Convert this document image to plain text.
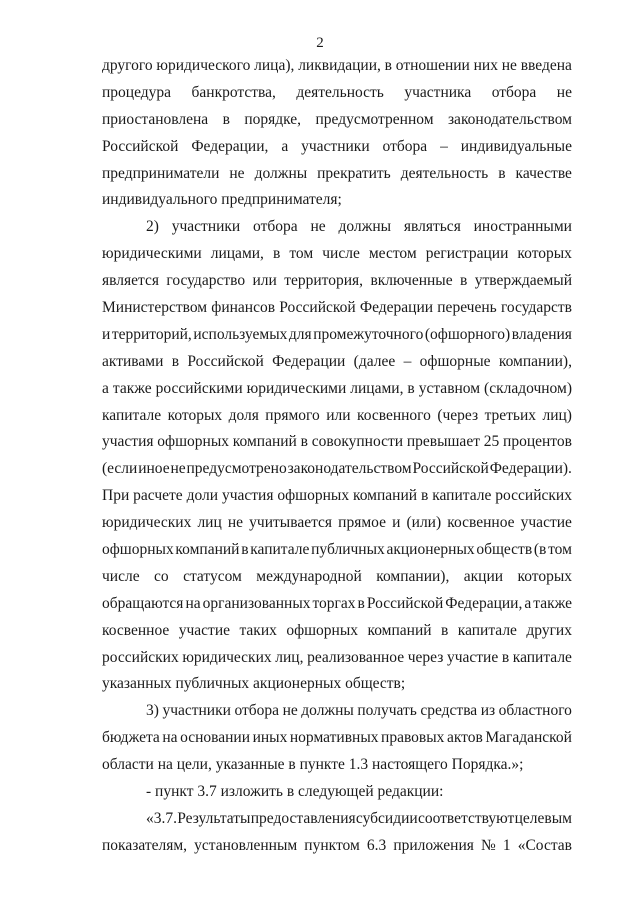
2
другого юридического лица), ликвидации, в отношении них не введена
процедура банкротства, деятельность участника отбора не
приостановлена в порядке, предусмотренном законодательством
Российской Федерации, а участники отбора – индивидуальные
предприниматели не должны прекратить деятельность в качестве
индивидуального предпринимателя;
2) участники отбора не должны являться иностранными
юридическими лицами, в том числе местом регистрации которых
является государство или территория, включенные в утверждаемый
Министерством финансов Российской Федерации перечень государств
и территорий, используемых для промежуточного (офшорного) владения
активами в Российской Федерации (далее – офшорные компании),
а также российскими юридическими лицами, в уставном (складочном)
капитале которых доля прямого или косвенного (через третьих лиц)
участия офшорных компаний в совокупности превышает 25 процентов
(если иное не предусмотрено законодательством Российской Федерации).
При расчете доли участия офшорных компаний в капитале российских
юридических лиц не учитывается прямое и (или) косвенное участие
офшорных компаний в капитале публичных акционерных обществ (в том
числе со статусом международной компании), акции которых
обращаются на организованных торгах в Российской Федерации, а также
косвенное участие таких офшорных компаний в капитале других
российских юридических лиц, реализованное через участие в капитале
указанных публичных акционерных обществ;
3) участники отбора не должны получать средства из областного
бюджета на основании иных нормативных правовых актов Магаданской
области на цели, указанные в пункте 1.3 настоящего Порядка.»;
- пункт 3.7 изложить в следующей редакции:
«3.7. Результаты предоставления субсидии соответствуют целевым
показателям, установленным пунктом 6.3 приложения № 1 «Состав
